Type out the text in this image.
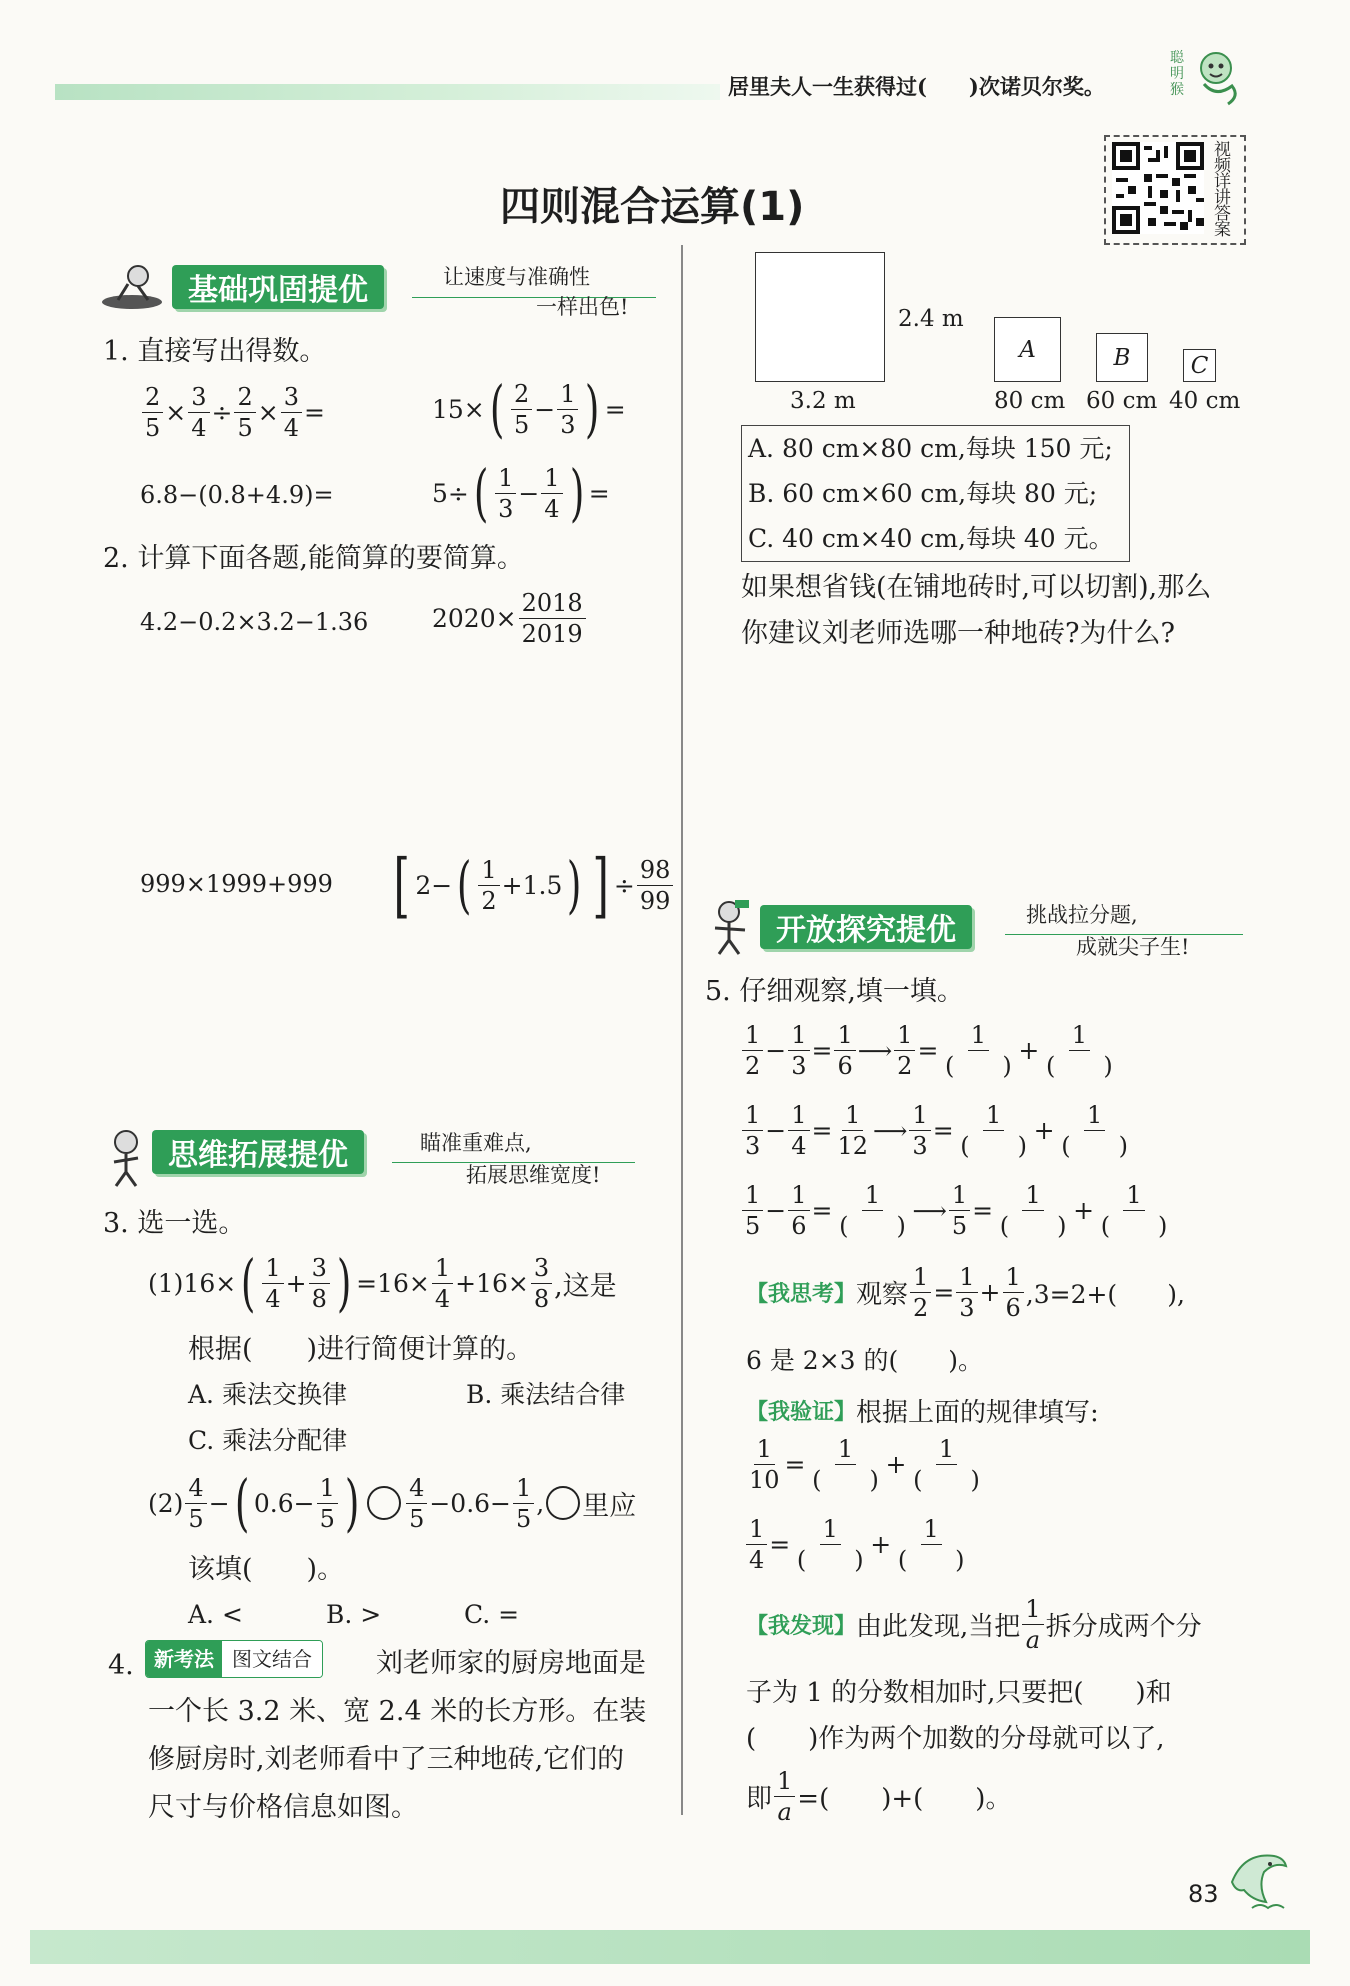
居里夫人一生获得过(　　)次诺贝尔奖。
聪明猴
视频详讲答案
四则混合运算(1)
基础巩固提优	让速度与准确性
一样出色!
1. 直接写出得数。
$\frac{2}{5} \times \frac{3}{4} \div \frac{2}{5} \times \frac{3}{4}$ =	15× ( $\frac{2}{5} - \frac{1}{3}$ ) =
6.8−(0.8+4.9)=	5÷ ( $\frac{1}{3} - \frac{1}{4}$ ) =
2. 计算下面各题,能简算的要简算。
4.2−0.2×3.2−1.36	$2020\times \frac{2018}{2019}$
999×1999+999 [ 2− ( $\frac{1}{2} +1.5$ ) ] ÷ $\frac{98}{99}$
思维拓展提优	瞄准重难点,
拓展思维宽度!
3. 选一选。
(1)16× ( $\frac{1}{4} + \frac{3}{8}$ ) $=16\times \frac{1}{4} +16\times \frac{3}{8}$ ,这是
根据(　　)进行简便计算的。
A. 乘法交换律	B. 乘法结合律
C. 乘法分配律
$(2) \frac{4}{5}$ − ( $0.6- \frac{1}{5}$ ) $\frac{4}{5} -0.6- \frac{1}{5}$ , 里应
该填(　　)。
A. <	B. >	C. =
4.	新考法 图文结合	刘老师家的厨房地面是
一个长 3.2 米、宽 2.4 米的长方形。在装
修厨房时,刘老师看中了三种地砖,它们的
尺寸与价格信息如图。
2.4 m
3.2 m
A
80 cm
B
60 cm
C
40 cm
A. 80 cm×80 cm,每块 150 元;
B. 60 cm×60 cm,每块 80 元;
C. 40 cm×40 cm,每块 40 元。
如果想省钱(在铺地砖时,可以切割),那么
你建议刘老师选哪一种地砖?为什么?
开放探究提优	挑战拉分题,
成就尖子生!
5. 仔细观察,填一填。
$\frac{1}{2} - \frac{1}{3} = \frac{1}{6}$ ⟶ $\frac{1}{2} = \frac{1}{( )} + \frac{1}{( )}$
$\frac{1}{3} - \frac{1}{4} = \frac{1}{12}$ ⟶ $\frac{1}{3} = \frac{1}{( )} + \frac{1}{( )}$
$\frac{1}{5} - \frac{1}{6} = \frac{1}{( )}$ ⟶ $\frac{1}{5} = \frac{1}{( )} + \frac{1}{( )}$
【我思考】 观察 $\frac{1}{2} = \frac{1}{3} + \frac{1}{6} ,3=2+$(　　),
6 是 2×3 的(　　)。
【我验证】 根据上面的规律填写:
$\frac{1}{10} = \frac{1}{( )} + \frac{1}{( )}$
$\frac{1}{4} = \frac{1}{( )} + \frac{1}{( )}$
【我发现】 由此发现,当把 $\frac{1}{a}$ 拆分成两个分
子为 1 的分数相加时,只要把(　　)和
(　　)作为两个加数的分母就可以了,
即 $\frac{1}{a}$ =(　　)+(　　)。
83
